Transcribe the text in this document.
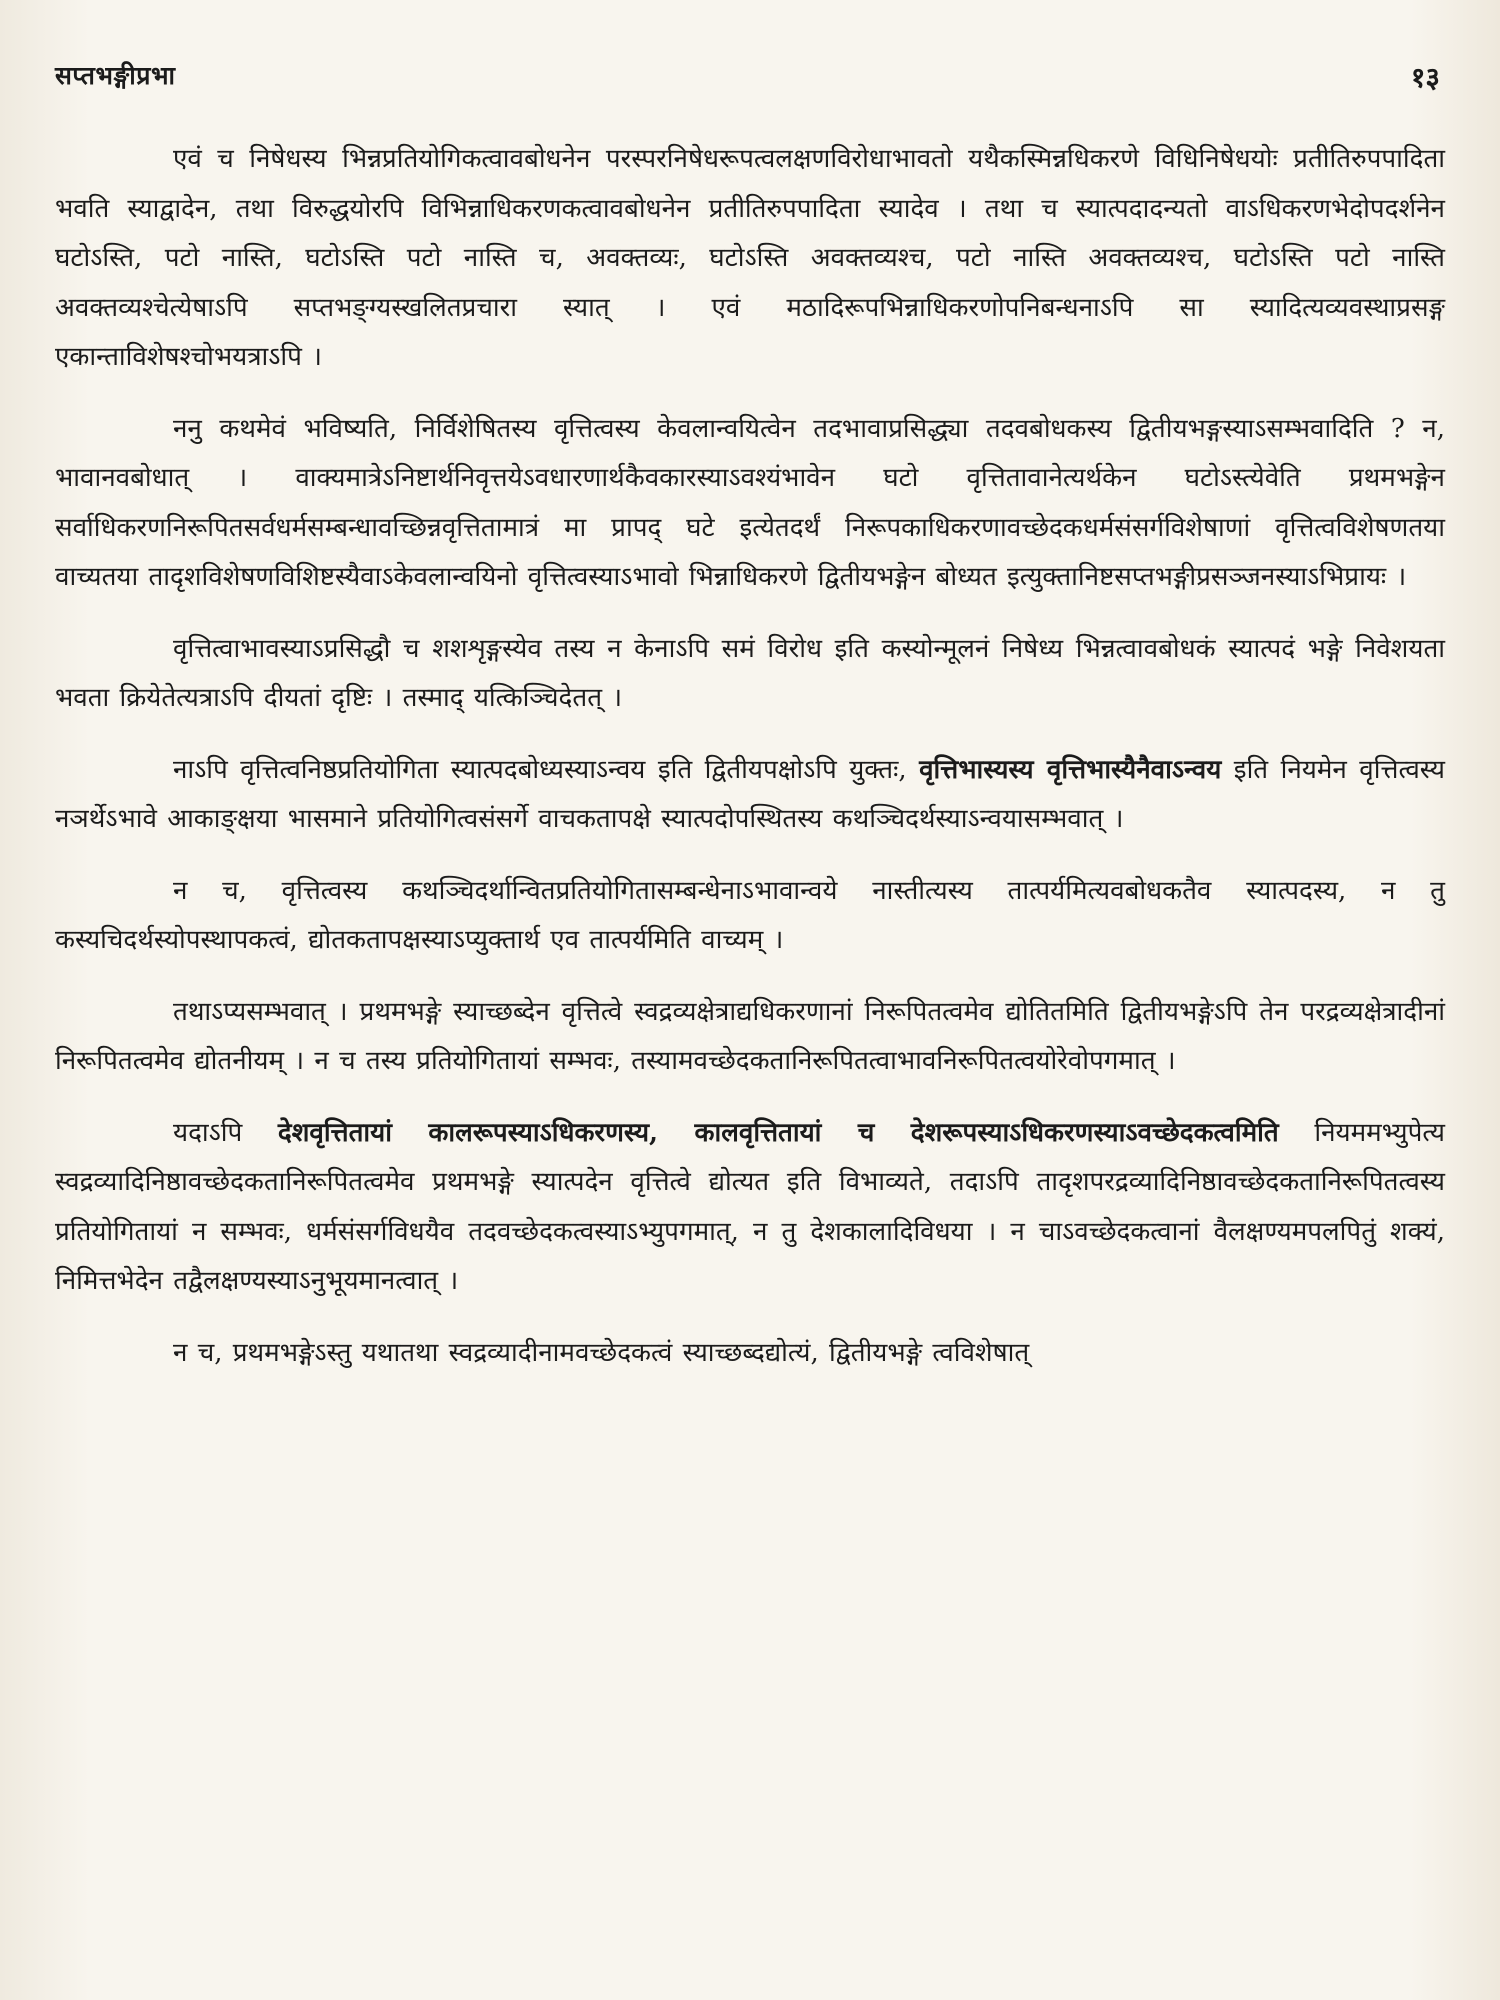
सप्तभङ्गीप्रभा	१३

एवं च निषेधस्य भिन्नप्रतियोगिकत्वावबोधनेन परस्परनिषेधरूपत्वलक्षणविरोधाभावतो यथैकस्मिन्नधिकरणे विधिनिषेधयोः प्रतीतिरुपपादिता भवति स्याद्वादेन, तथा विरुद्धयोरपि विभिन्नाधिकरणकत्वावबोधनेन प्रतीतिरुपपादिता स्यादेव । तथा च स्यात्पदादन्यतो वाऽधिकरणभेदोपदर्शनेन घटोऽस्ति, पटो नास्ति, घटोऽस्ति पटो नास्ति च, अवक्तव्यः, घटोऽस्ति अवक्तव्यश्च, पटो नास्ति अवक्तव्यश्च, घटोऽस्ति पटो नास्ति अवक्तव्यश्चेत्येषाऽपि सप्तभङ्ग्यस्खलितप्रचारा स्यात् । एवं मठादिरूपभिन्नाधिकरणोपनिबन्धनाऽपि सा स्यादित्यव्यवस्थाप्रसङ्ग एकान्ताविशेषश्चोभयत्राऽपि ।

ननु कथमेवं भविष्यति, निर्विशेषितस्य वृत्तित्वस्य केवलान्वयित्वेन तदभावाप्रसिद्ध्या तदवबोधकस्य द्वितीयभङ्गस्याऽसम्भवादिति ? न, भावानवबोधात् । वाक्यमात्रेऽनिष्टार्थनिवृत्तयेऽवधारणार्थकैवकारस्याऽवश्यंभावेन घटो वृत्तितावानेत्यर्थकेन घटोऽस्त्येवेति प्रथमभङ्गेन सर्वाधिकरणनिरूपितसर्वधर्मसम्बन्धावच्छिन्नवृत्तितामात्रं मा प्रापद् घटे इत्येतदर्थं निरूपकाधिकरणावच्छेदकधर्मसंसर्गविशेषाणां वृत्तित्वविशेषणतया वाच्यतया तादृशविशेषणविशिष्टस्यैवाऽकेवलान्वयिनो वृत्तित्वस्याऽभावो भिन्नाधिकरणे द्वितीयभङ्गेन बोध्यत इत्युक्तानिष्टसप्तभङ्गीप्रसञ्जनस्याऽभिप्रायः ।

वृत्तित्वाभावस्याऽप्रसिद्धौ च शशशृङ्गस्येव तस्य न केनाऽपि समं विरोध इति कस्योन्मूलनं निषेध्य भिन्नत्वावबोधकं स्यात्पदं भङ्गे निवेशयता भवता क्रियेतेत्यत्राऽपि दीयतां दृष्टिः । तस्माद् यत्किञ्चिदेतत् ।

नाऽपि वृत्तित्वनिष्ठप्रतियोगिता स्यात्पदबोध्यस्याऽन्वय इति द्वितीयपक्षोऽपि युक्तः, वृत्तिभास्यस्य वृत्तिभास्यैनैवाऽन्वय इति नियमेन वृत्तित्वस्य नञर्थेऽभावे आकाङ्क्षया भासमाने प्रतियोगित्वसंसर्गे वाचकतापक्षे स्यात्पदोपस्थितस्य कथञ्चिदर्थस्याऽन्वयासम्भवात् ।

न च, वृत्तित्वस्य कथञ्चिदर्थान्वितप्रतियोगितासम्बन्धेनाऽभावान्वये नास्तीत्यस्य तात्पर्यमित्यवबोधकतैव स्यात्पदस्य, न तु कस्यचिदर्थस्योपस्थापकत्वं, द्योतकतापक्षस्याऽप्युक्तार्थ एव तात्पर्यमिति वाच्यम् ।

तथाऽप्यसम्भवात् । प्रथमभङ्गे स्याच्छब्देन वृत्तित्वे स्वद्रव्यक्षेत्राद्यधिकरणानां निरूपितत्वमेव द्योतितमिति द्वितीयभङ्गेऽपि तेन परद्रव्यक्षेत्रादीनां निरूपितत्वमेव द्योतनीयम् । न च तस्य प्रतियोगितायां सम्भवः, तस्यामवच्छेदकतानिरूपितत्वाभावनिरूपितत्वयोरेवोपगमात् ।

यदाऽपि देशवृत्तितायां कालरूपस्याऽधिकरणस्य, कालवृत्तितायां च देशरूपस्याऽधिकरणस्याऽवच्छेदकत्वमिति नियममभ्युपेत्य स्वद्रव्यादिनिष्ठावच्छेदकतानिरूपितत्वमेव प्रथमभङ्गे स्यात्पदेन वृत्तित्वे द्योत्यत इति विभाव्यते, तदाऽपि तादृशपरद्रव्यादिनिष्ठावच्छेदकतानिरूपितत्वस्य प्रतियोगितायां न सम्भवः, धर्मसंसर्गविधयैव तदवच्छेदकत्वस्याऽभ्युपगमात्, न तु देशकालादिविधया । न चाऽवच्छेदकत्वानां वैलक्षण्यमपलपितुं शक्यं, निमित्तभेदेन तद्वैलक्षण्यस्याऽनुभूयमानत्वात् ।

न च, प्रथमभङ्गेऽस्तु यथातथा स्वद्रव्यादीनामवच्छेदकत्वं स्याच्छब्दद्योत्यं, द्वितीयभङ्गे त्वविशेषात्
